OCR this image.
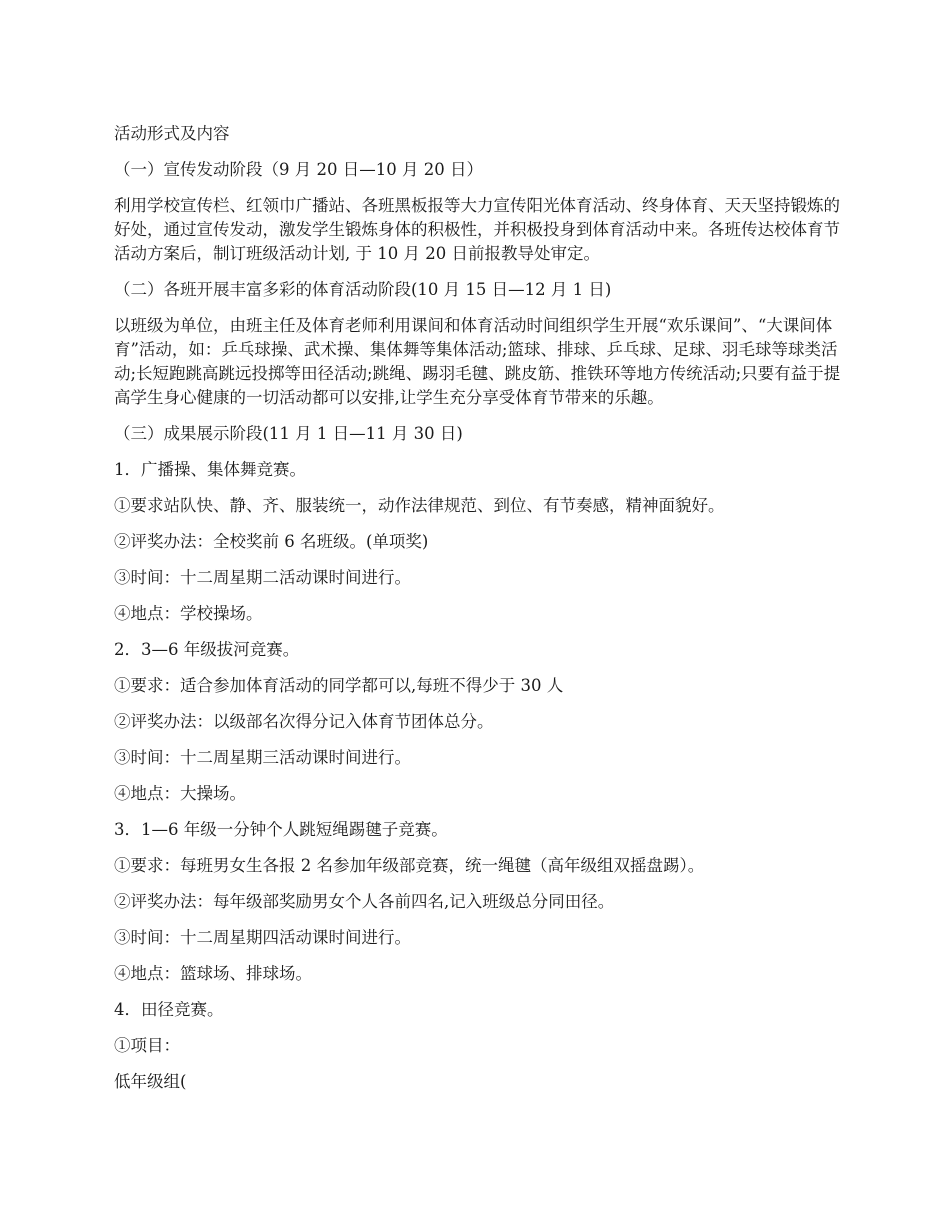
活动形式及内容

（一）宣传发动阶段（9 月 20 日—10 月 20 日）

利用学校宣传栏、红领巾广播站、各班黑板报等大力宣传阳光体育活动、终身体育、天天坚持锻炼的好处，通过宣传发动，激发学生锻炼身体的积极性，并积极投身到体育活动中来。各班传达校体育节活动方案后，制订班级活动计划, 于 10 月 20 日前报教导处审定。

（二）各班开展丰富多彩的体育活动阶段(10 月 15 日—12 月 1 日)

以班级为单位，由班主任及体育老师利用课间和体育活动时间组织学生开展“欢乐课间”、“大课间体育”活动，如：乒乓球操、武术操、集体舞等集体活动;篮球、排球、乒乓球、足球、羽毛球等球类活动;长短跑跳高跳远投掷等田径活动;跳绳、踢羽毛毽、跳皮筋、推铁环等地方传统活动;只要有益于提高学生身心健康的一切活动都可以安排,让学生充分享受体育节带来的乐趣。

（三）成果展示阶段(11 月 1 日—11 月 30 日)

1．广播操、集体舞竞赛。

①要求站队快、静、齐、服装统一，动作法律规范、到位、有节奏感，精神面貌好。

②评奖办法：全校奖前 6 名班级。(单项奖)

③时间：十二周星期二活动课时间进行。

④地点：学校操场。

2．3—6 年级拔河竞赛。

①要求：适合参加体育活动的同学都可以,每班不得少于 30 人

②评奖办法：以级部名次得分记入体育节团体总分。

③时间：十二周星期三活动课时间进行。

④地点：大操场。

3．1—6 年级一分钟个人跳短绳踢毽子竞赛。

①要求：每班男女生各报 2 名参加年级部竞赛，统一绳毽（高年级组双摇盘踢）。

②评奖办法：每年级部奖励男女个人各前四名,记入班级总分同田径。

③时间：十二周星期四活动课时间进行。

④地点：篮球场、排球场。

4．田径竞赛。

①项目：

低年级组(
